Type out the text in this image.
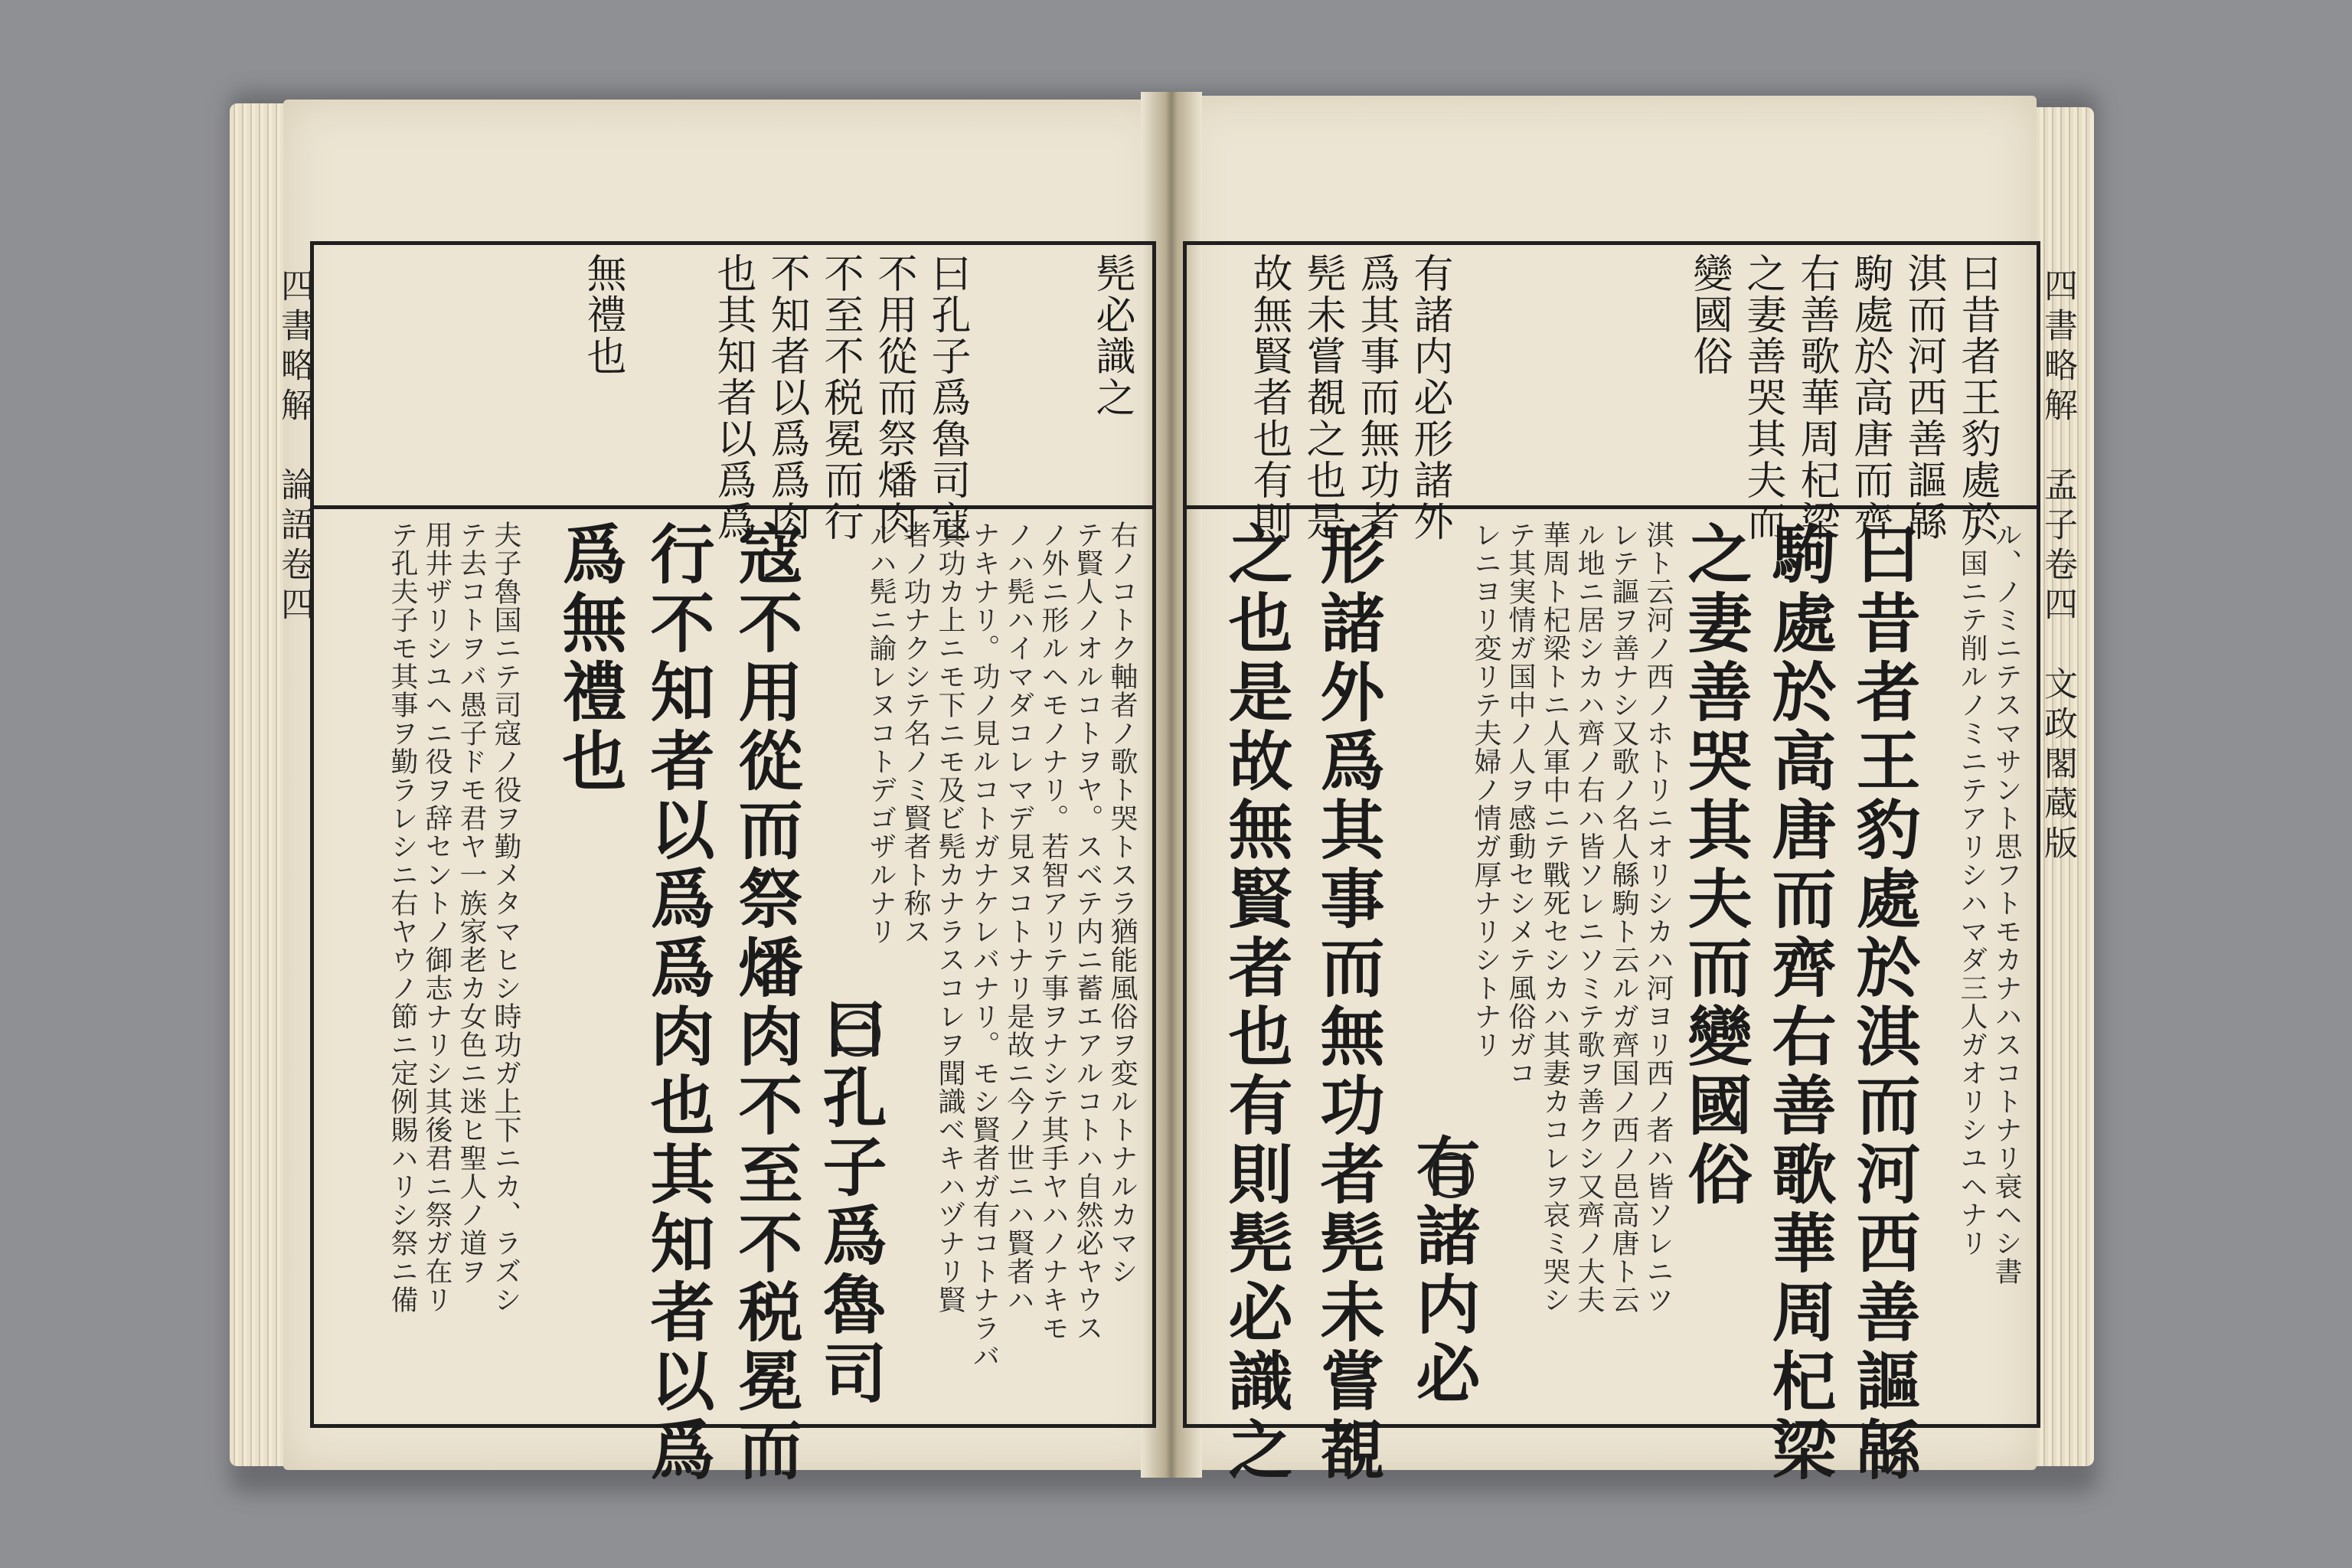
四書略解　論語卷四	四書略解　孟子卷四　文政閣蔵版
曰昔者王豹處於
淇而河西善謳緜
駒處於高唐而齊
右善歌華周杞梁
之妻善哭其夫而
變國俗
有諸内必形諸外
爲其事而無功者
髡未嘗覩之也是
故無賢者也有則
ル、ノミニテスマサント思フトモカナハスコトナリ衰ヘシ書
ノ国ニテ削ルノミニテアリシハマダ三人ガオリシユヘナリ
曰昔者王豹處於淇而河西善謳緜
駒處於高唐而齊右善歌華周杞梁
之妻善哭其夫而變國俗
淇ト云河ノ西ノホトリニオリシカハ河ヨリ西ノ者ハ皆ソレニツ
レテ謳ヲ善ナシ又歌ノ名人緜駒ト云ルガ齊国ノ西ノ邑高唐ト云
ル地ニ居シカハ齊ノ右ハ皆ソレニソミテ歌ヲ善クシ又齊ノ大夫
華周ト杞梁トニ人軍中ニテ戰死セシカハ其妻カコレヲ哀ミ哭シ
テ其実情ガ国中ノ人ヲ感動セシメテ風俗ガコ
レニヨリ変リテ夫婦ノ情ガ厚ナリシトナリ
有諸内必
形諸外爲其事而無功者髡未嘗覩
之也是故無賢者也有則髡必識之
髡必識之
曰孔子爲魯司寇
不用從而祭燔肉
不至不税冕而行
不知者以爲爲肉
也其知者以爲爲
無禮也
右ノコトク軸者ノ歌ト哭トスラ猶能風俗ヲ変ルトナルカマシ
テ賢人ノオルコトヲヤ。スベテ内ニ蓄エアルコトハ自然必ヤウス
ノ外ニ形ルヘモノナリ。若智アリテ事ヲナシテ其手ヤハノナキモ
ノハ髡ハイマダコレマデ見ヌコトナリ是故ニ今ノ世ニハ賢者ハ
ナキナリ。功ノ見ルコトガナケレバナリ。モシ賢者ガ有コトナラバ
其功カ上ニモ下ニモ及ビ髡カナラスコレヲ聞識ベキハヅナリ賢
者ノ功ナクシテ名ノミ賢者ト称ス
ルハ髡ニ諭レヌコトデゴザルナリ
曰孔子爲魯司
寇不用從而祭燔肉不至不税冕而
行不知者以爲爲肉也其知者以爲
爲無禮也
夫子魯国ニテ司寇ノ役ヲ勤メタマヒシ時功ガ上下ニカ、ラズシ
テ去コトヲバ愚子ドモ君ヤ一族家老カ女色ニ迷ヒ聖人ノ道ヲ
用井ザリシユヘニ役ヲ辞セントノ御志ナリシ其後君ニ祭ガ在リ
テ孔夫子モ其事ヲ勤ラレシニ右ヤウノ節ニ定例賜ハリシ祭ニ備
